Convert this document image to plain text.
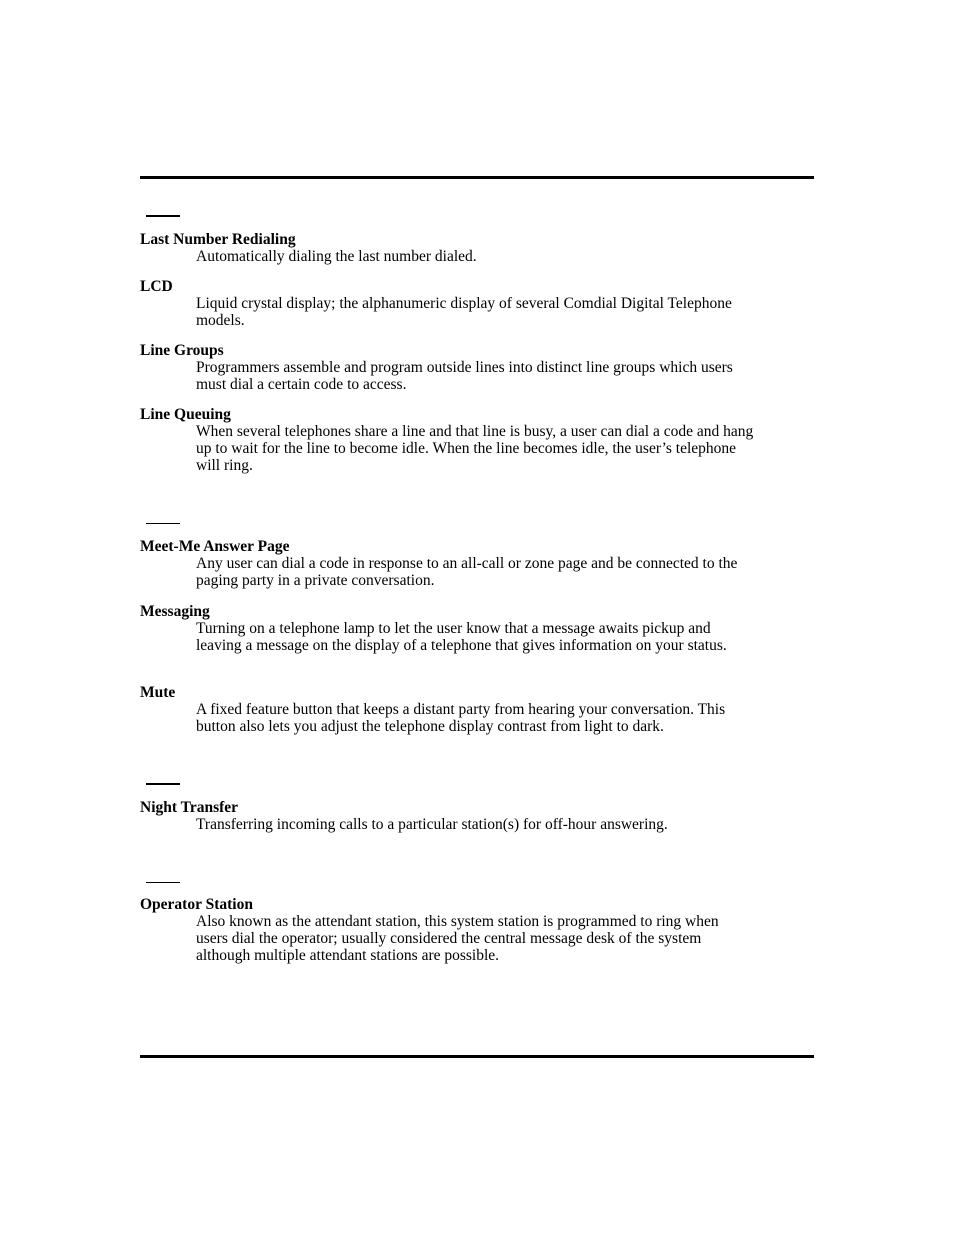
Last Number Redialing

Automatically dialing the last number dialed.

LCD

Liquid crystal display; the alphanumeric display of several Comdial Digital Telephone models.

Line Groups

Programmers assemble and program outside lines into distinct line groups which users must dial a certain code to access.

Line Queuing

When several telephones share a line and that line is busy, a user can dial a code and hang up to wait for the line to become idle. When the line becomes idle, the user’s telephone will ring.

Meet-Me Answer Page

Any user can dial a code in response to an all-call or zone page and be connected to the paging party in a private conversation.

Messaging

Turning on a telephone lamp to let the user know that a message awaits pickup and leaving a message on the display of a telephone that gives information on your status.

Mute

A fixed feature button that keeps a distant party from hearing your conversation. This button also lets you adjust the telephone display contrast from light to dark.

Night Transfer

Transferring incoming calls to a particular station(s) for off-hour answering.

Operator Station

Also known as the attendant station, this system station is programmed to ring when users dial the operator; usually considered the central message desk of the system although multiple attendant stations are possible.
